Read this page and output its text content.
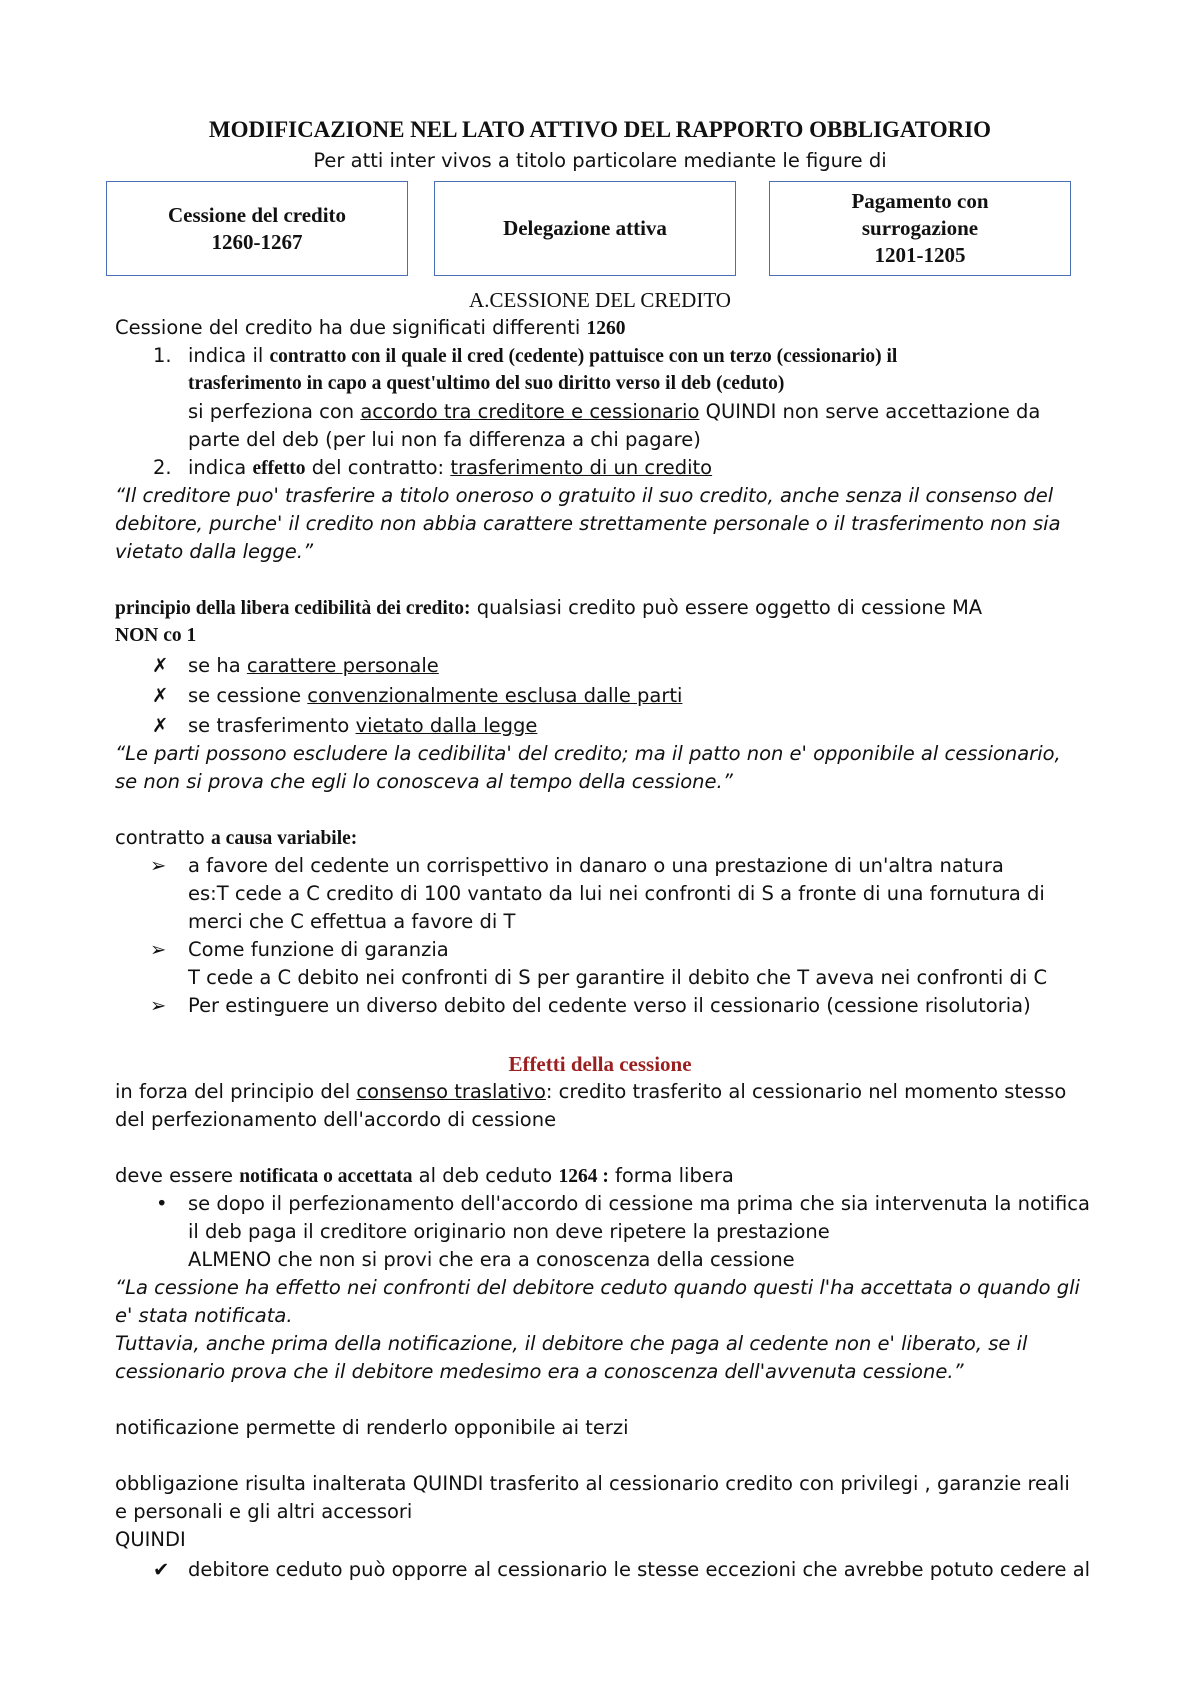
MODIFICAZIONE NEL LATO ATTIVO DEL RAPPORTO OBBLIGATORIO
Per atti inter vivos a titolo particolare mediante le figure di
Cessione del credito
1260-1267
Delegazione attiva
Pagamento con
surrogazione
1201-1205
A.CESSIONE DEL CREDITO
Cessione del credito ha due significati differenti 1260
1. indica il contratto con il quale il cred (cedente) pattuisce con un terzo (cessionario) il
trasferimento in capo a quest'ultimo del suo diritto verso il deb (ceduto)
si perfeziona con accordo tra creditore e cessionario QUINDI non serve accettazione da
parte del deb (per lui non fa differenza a chi pagare)
2. indica effetto del contratto: trasferimento di un credito
“Il creditore puo' trasferire a titolo oneroso o gratuito il suo credito, anche senza il consenso del
debitore, purche' il credito non abbia carattere strettamente personale o il trasferimento non sia
vietato dalla legge.”
principio della libera cedibilità dei credito: qualsiasi credito può essere oggetto di cessione MA
NON co 1
✗ se ha carattere personale
✗ se cessione convenzionalmente esclusa dalle parti
✗ se trasferimento vietato dalla legge
“Le parti possono escludere la cedibilita' del credito; ma il patto non e' opponibile al cessionario,
se non si prova che egli lo conosceva al tempo della cessione.”
contratto a causa variabile:
➢ a favore del cedente un corrispettivo in danaro o una prestazione di un'altra natura
es:T cede a C credito di 100 vantato da lui nei confronti di S a fronte di una fornutura di
merci che C effettua a favore di T
➢ Come funzione di garanzia
T cede a C debito nei confronti di S per garantire il debito che T aveva nei confronti di C
➢ Per estinguere un diverso debito del cedente verso il cessionario (cessione risolutoria)
Effetti della cessione
in forza del principio del consenso traslativo: credito trasferito al cessionario nel momento stesso
del perfezionamento dell'accordo di cessione
deve essere notificata o accettata al deb ceduto 1264 : forma libera
• se dopo il perfezionamento dell'accordo di cessione ma prima che sia intervenuta la notifica
il deb paga il creditore originario non deve ripetere la prestazione
ALMENO che non si provi che era a conoscenza della cessione
“La cessione ha effetto nei confronti del debitore ceduto quando questi l'ha accettata o quando gli
e' stata notificata.
Tuttavia, anche prima della notificazione, il debitore che paga al cedente non e' liberato, se il
cessionario prova che il debitore medesimo era a conoscenza dell'avvenuta cessione.”
notificazione permette di renderlo opponibile ai terzi
obbligazione risulta inalterata QUINDI trasferito al cessionario credito con privilegi , garanzie reali
e personali e gli altri accessori
QUINDI
✔ debitore ceduto può opporre al cessionario le stesse eccezioni che avrebbe potuto cedere al
